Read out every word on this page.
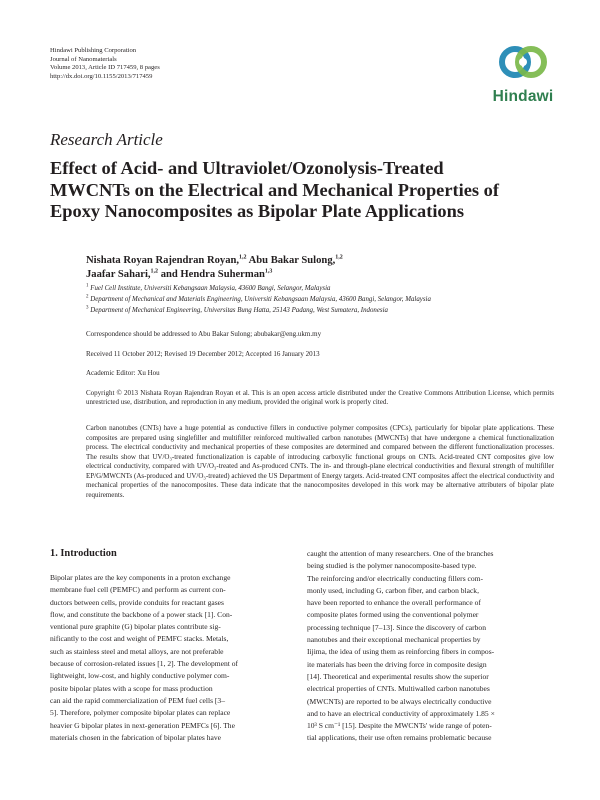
Hindawi Publishing Corporation
Journal of Nanomaterials
Volume 2013, Article ID 717459, 8 pages
http://dx.doi.org/10.1155/2013/717459
Hindawi
Research Article
Effect of Acid- and Ultraviolet/Ozonolysis-Treated
MWCNTs on the Electrical and Mechanical Properties of
Epoxy Nanocomposites as Bipolar Plate Applications
Nishata Royan Rajendran Royan,$^{1,2}$ Abu Bakar Sulong,$^{1,2}$
Jaafar Sahari,$^{1,2}$ and Hendra Suherman$^{1,3}$
$^1$ Fuel Cell Institute, Universiti Kebangsaan Malaysia, 43600 Bangi, Selangor, Malaysia
$^2$ Department of Mechanical and Materials Engineering, Universiti Kebangsaan Malaysia, 43600 Bangi, Selangor, Malaysia
$^3$ Department of Mechanical Engineering, Universitas Bung Hatta, 25143 Padang, West Sumatera, Indonesia
Correspondence should be addressed to Abu Bakar Sulong; abubakar@eng.ukm.my
Received 11 October 2012; Revised 19 December 2012; Accepted 16 January 2013
Academic Editor: Xu Hou
Copyright © 2013 Nishata Royan Rajendran Royan et al. This is an open access article distributed under the Creative Commons Attribution License, which permits unrestricted use, distribution, and reproduction in any medium, provided the original work is properly cited.
Carbon nanotubes (CNTs) have a huge potential as conductive fillers in conductive polymer composites (CPCs), particularly for bipolar plate applications. These composites are prepared using singlefiller and multifiller reinforced multiwalled carbon nanotubes (MWCNTs) that have undergone a chemical functionalization process. The electrical conductivity and mechanical properties of these composites are determined and compared between the different functionalization processes. The results show that UV/O₃-treated functionalization is capable of introducing carboxylic functional groups on CNTs. Acid-treated CNT composites give low electrical conductivity, compared with UV/O₃-treated and As-produced CNTs. The in- and through-plane electrical conductivities and flexural strength of multifiller EP/G/MWCNTs (As-produced and UV/O₃-treated) achieved the US Department of Energy targets. Acid-treated CNT composites affect the electrical conductivity and mechanical properties of the nanocomposites. These data indicate that the nanocomposites developed in this work may be alternative attributers of bipolar plate requirements.
1. Introduction
Bipolar plates are the key components in a proton exchange
membrane fuel cell (PEMFC) and perform as current con-
ductors between cells, provide conduits for reactant gases
flow, and constitute the backbone of a power stack [1]. Con-
ventional pure graphite (G) bipolar plates contribute sig-
nificantly to the cost and weight of PEMFC stacks. Metals,
such as stainless steel and metal alloys, are not preferable
because of corrosion-related issues [1, 2]. The development of
lightweight, low-cost, and highly conductive polymer com-
posite bipolar plates with a scope for mass production
can aid the rapid commercialization of PEM fuel cells [3–
5]. Therefore, polymer composite bipolar plates can replace
heavier G bipolar plates in next-generation PEMFCs [6]. The
materials chosen in the fabrication of bipolar plates have
caught the attention of many researchers. One of the branches
being studied is the polymer nanocomposite-based type.
The reinforcing and/or electrically conducting fillers com-
monly used, including G, carbon fiber, and carbon black,
have been reported to enhance the overall performance of
composite plates formed using the conventional polymer
processing technique [7–13]. Since the discovery of carbon
nanotubes and their exceptional mechanical properties by
Iijima, the idea of using them as reinforcing fibers in compos-
ite materials has been the driving force in composite design
[14]. Theoretical and experimental results show the superior
electrical properties of CNTs. Multiwalled carbon nanotubes
(MWCNTs) are reported to be always electrically conductive
and to have an electrical conductivity of approximately 1.85 ×
10³ S cm⁻¹ [15]. Despite the MWCNTs' wide range of poten-
tial applications, their use often remains problematic because
